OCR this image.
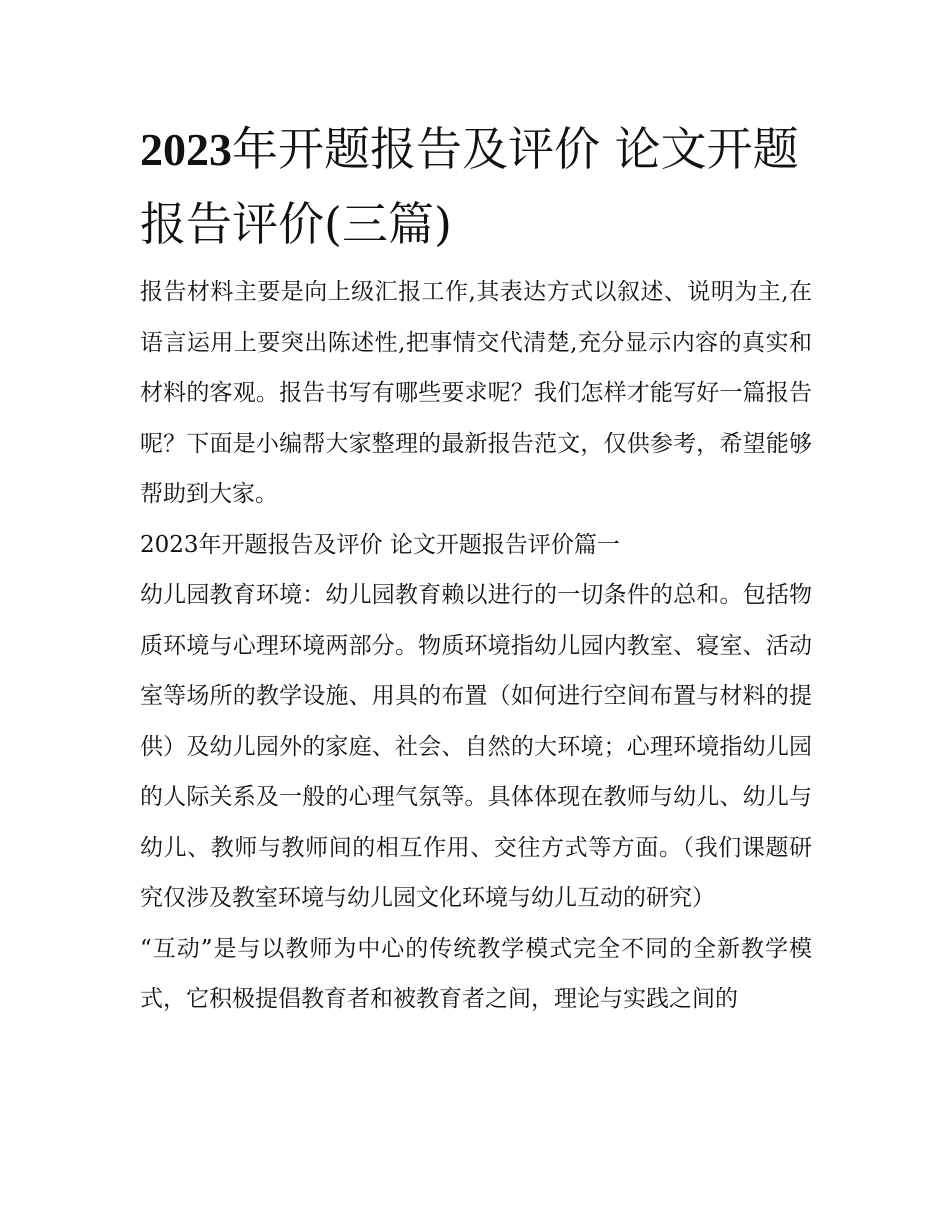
2023年开题报告及评价 论文开题报告评价(三篇)

报告材料主要是向上级汇报工作,其表达方式以叙述、说明为主,在语言运用上要突出陈述性,把事情交代清楚,充分显示内容的真实和材料的客观。报告书写有哪些要求呢？我们怎样才能写好一篇报告呢？下面是小编帮大家整理的最新报告范文，仅供参考，希望能够帮助到大家。

2023年开题报告及评价 论文开题报告评价篇一

幼儿园教育环境：幼儿园教育赖以进行的一切条件的总和。包括物质环境与心理环境两部分。物质环境指幼儿园内教室、寝室、活动室等场所的教学设施、用具的布置（如何进行空间布置与材料的提供）及幼儿园外的家庭、社会、自然的大环境；心理环境指幼儿园的人际关系及一般的心理气氛等。具体体现在教师与幼儿、幼儿与幼儿、教师与教师间的相互作用、交往方式等方面。（我们课题研究仅涉及教室环境与幼儿园文化环境与幼儿互动的研究）

“互动”是与以教师为中心的传统教学模式完全不同的全新教学模式，它积极提倡教育者和被教育者之间，理论与实践之间的
